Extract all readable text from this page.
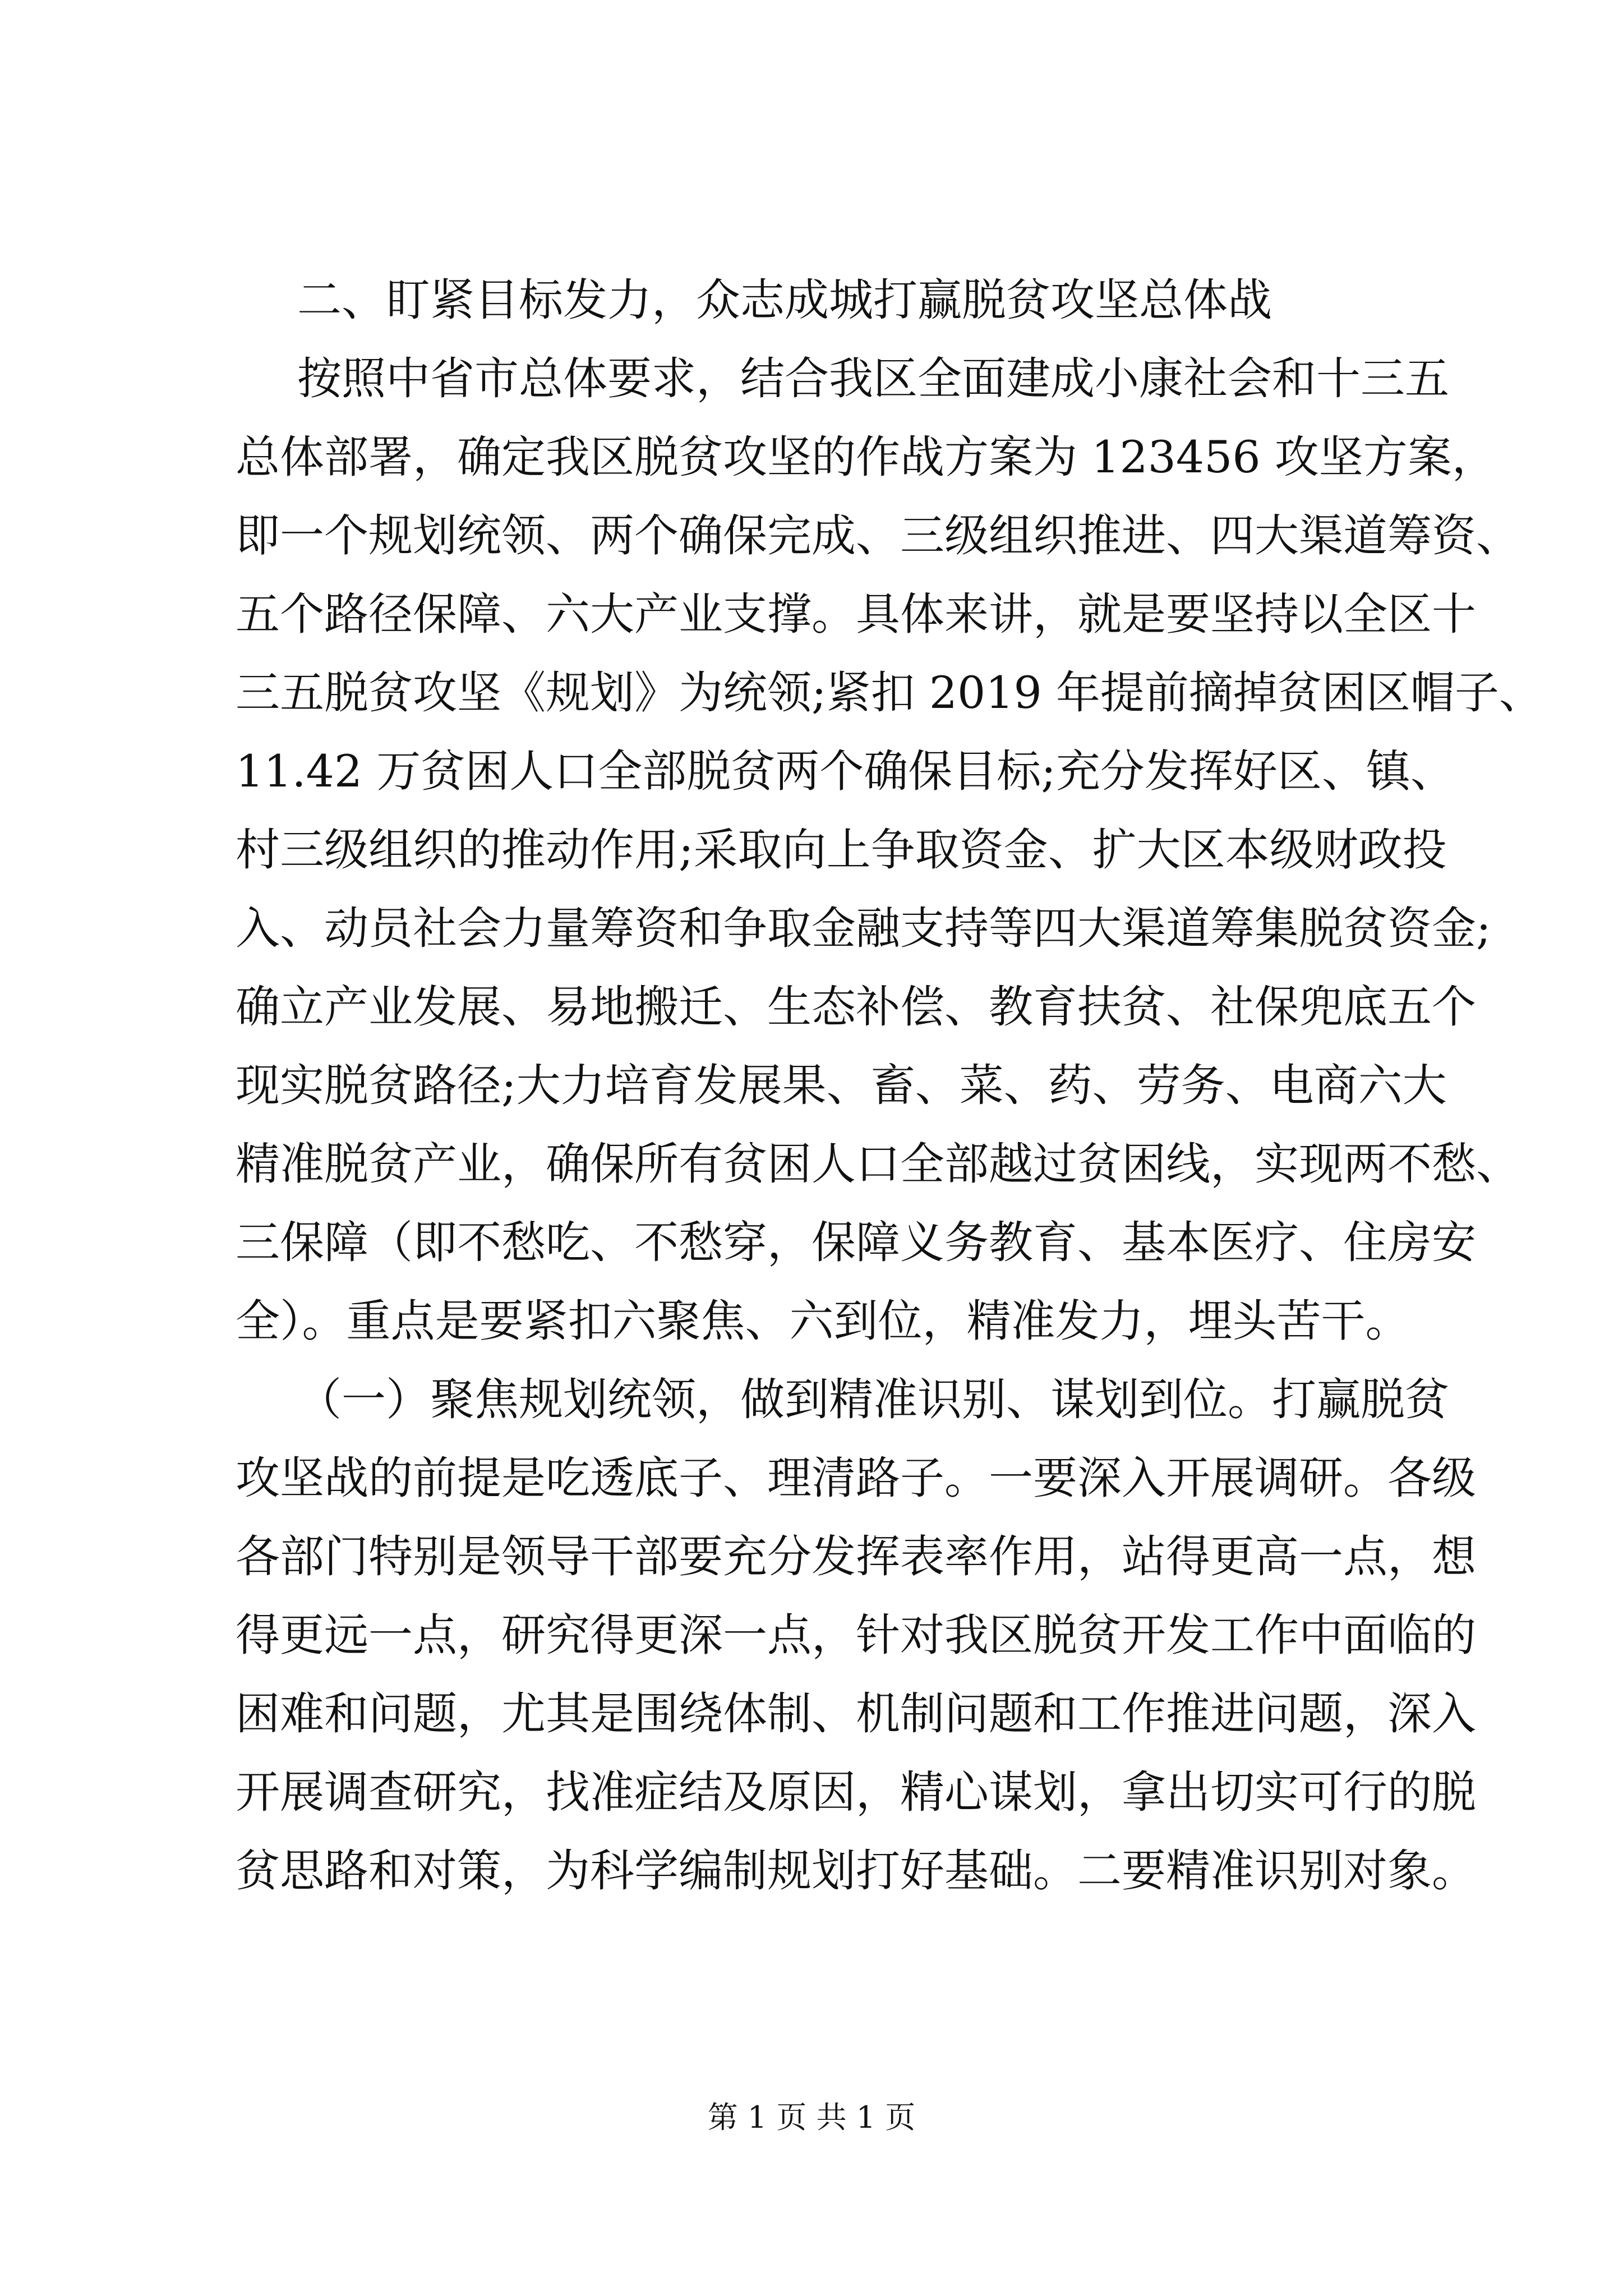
二、盯紧目标发力，众志成城打赢脱贫攻坚总体战
按照中省市总体要求，结合我区全面建成小康社会和十三五
总体部署，确定我区脱贫攻坚的作战方案为 123456 攻坚方案，
即一个规划统领、两个确保完成、三级组织推进、四大渠道筹资、
五个路径保障、六大产业支撑。具体来讲，就是要坚持以全区十
三五脱贫攻坚《规划》为统领;紧扣 2019 年提前摘掉贫困区帽子、
11.42 万贫困人口全部脱贫两个确保目标;充分发挥好区、镇、
村三级组织的推动作用;采取向上争取资金、扩大区本级财政投
入、动员社会力量筹资和争取金融支持等四大渠道筹集脱贫资金;
确立产业发展、易地搬迁、生态补偿、教育扶贫、社保兜底五个
现实脱贫路径;大力培育发展果、畜、菜、药、劳务、电商六大
精准脱贫产业，确保所有贫困人口全部越过贫困线，实现两不愁、
三保障（即不愁吃、不愁穿，保障义务教育、基本医疗、住房安
全）。重点是要紧扣六聚焦、六到位，精准发力，埋头苦干。
（一）聚焦规划统领，做到精准识别、谋划到位。打赢脱贫
攻坚战的前提是吃透底子、理清路子。一要深入开展调研。各级
各部门特别是领导干部要充分发挥表率作用，站得更高一点，想
得更远一点，研究得更深一点，针对我区脱贫开发工作中面临的
困难和问题，尤其是围绕体制、机制问题和工作推进问题，深入
开展调查研究，找准症结及原因，精心谋划，拿出切实可行的脱
贫思路和对策，为科学编制规划打好基础。二要精准识别对象。
第 1 页 共 1 页
